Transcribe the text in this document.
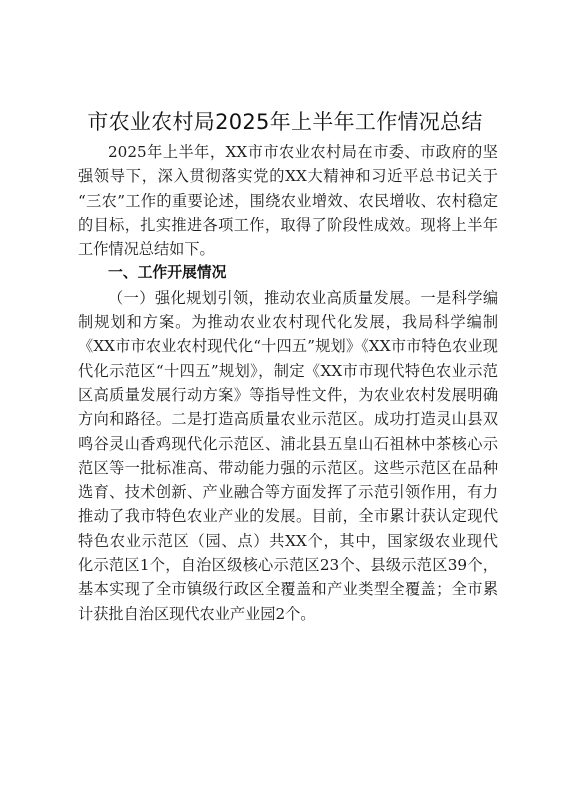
市农业农村局2025年上半年工作情况总结
2025年上半年，XX市市农业农村局在市委、市政府的坚
强领导下，深入贯彻落实党的XX大精神和习近平总书记关于
“三农”工作的重要论述，围绕农业增效、农民增收、农村稳定
的目标，扎实推进各项工作，取得了阶段性成效。现将上半年
工作情况总结如下。
一、工作开展情况
（一）强化规划引领，推动农业高质量发展。一是科学编
制规划和方案。为推动农业农村现代化发展，我局科学编制
《XX市市农业农村现代化“十四五”规划》《XX市市特色农业现
代化示范区“十四五”规划》，制定《XX市市现代特色农业示范
区高质量发展行动方案》等指导性文件，为农业农村发展明确
方向和路径。二是打造高质量农业示范区。成功打造灵山县双
鸣谷灵山香鸡现代化示范区、浦北县五皇山石祖林中茶核心示
范区等一批标准高、带动能力强的示范区。这些示范区在品种
选育、技术创新、产业融合等方面发挥了示范引领作用，有力
推动了我市特色农业产业的发展。目前，全市累计获认定现代
特色农业示范区（园、点）共XX个，其中，国家级农业现代
化示范区1个，自治区级核心示范区23个、县级示范区39个，
基本实现了全市镇级行政区全覆盖和产业类型全覆盖；全市累
计获批自治区现代农业产业园2个。
